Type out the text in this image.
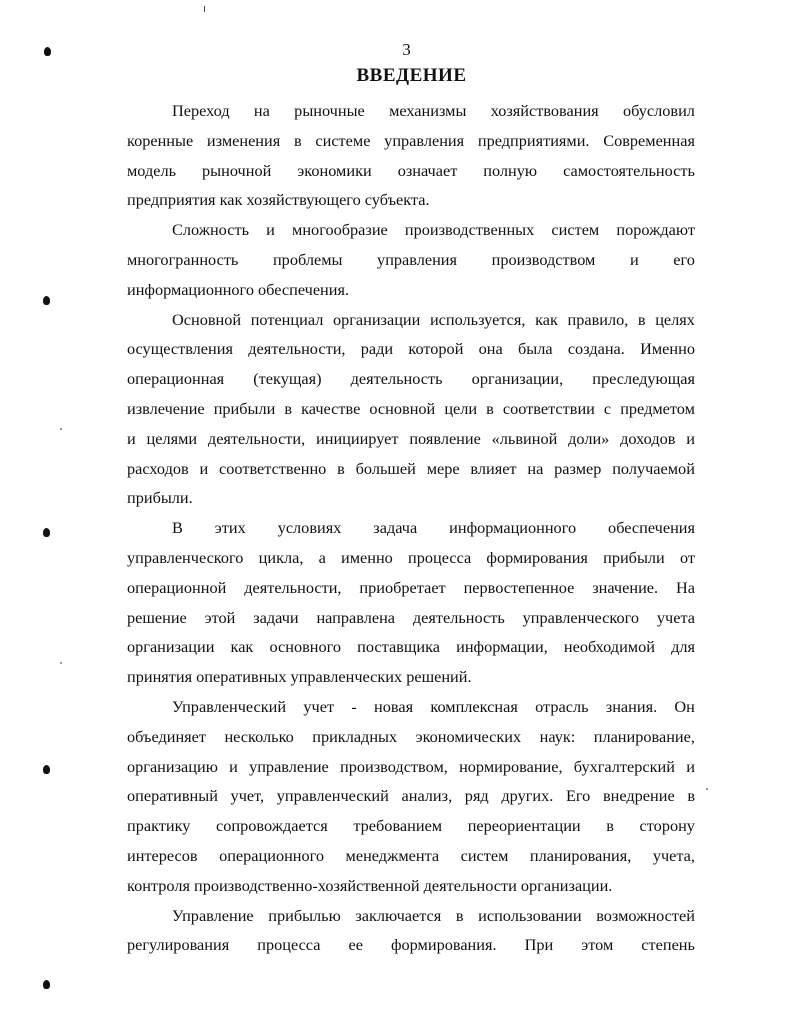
3
ВВЕДЕНИЕ
Переход на рыночные механизмы хозяйствования обусловил
коренные изменения в системе управления предприятиями. Современная
модель рыночной экономики означает полную самостоятельность
предприятия как хозяйствующего субъекта.
Сложность и многообразие производственных систем порождают
многогранность проблемы управления производством и его
информационного обеспечения.
Основной потенциал организации используется, как правило, в целях
осуществления деятельности, ради которой она была создана. Именно
операционная (текущая) деятельность организации, преследующая
извлечение прибыли в качестве основной цели в соответствии с предметом
и целями деятельности, инициирует появление «львиной доли» доходов и
расходов и соответственно в большей мере влияет на размер получаемой
прибыли.
В этих условиях задача информационного обеспечения
управленческого цикла, а именно процесса формирования прибыли от
операционной деятельности, приобретает первостепенное значение. На
решение этой задачи направлена деятельность управленческого учета
организации как основного поставщика информации, необходимой для
принятия оперативных управленческих решений.
Управленческий учет - новая комплексная отрасль знания. Он
объединяет несколько прикладных экономических наук: планирование,
организацию и управление производством, нормирование, бухгалтерский и
оперативный учет, управленческий анализ, ряд других. Его внедрение в
практику сопровождается требованием переориентации в сторону
интересов операционного менеджмента систем планирования, учета,
контроля производственно-хозяйственной деятельности организации.
Управление прибылью заключается в использовании возможностей
регулирования процесса ее формирования. При этом степень
